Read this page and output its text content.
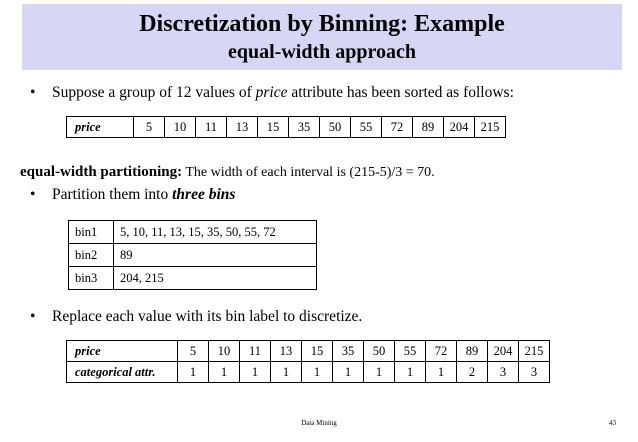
Discretization by Binning: Example
equal-width approach
• Suppose a group of 12 values of price attribute has been sorted as follows:
price	5	10	11	13	15	35	50	55	72	89	204	215
equal-width partitioning: The width of each interval is (215-5)/3 = 70.
• Partition them into three bins
bin1	5, 10, 11, 13, 15, 35, 50, 55, 72
bin2	89
bin3	204, 215
• Replace each value with its bin label to discretize.
price	5	10	11	13	15	35	50	55	72	89	204	215
categorical attr.	1	1	1	1	1	1	1	1	1	2	3	3
Data Mining	43
